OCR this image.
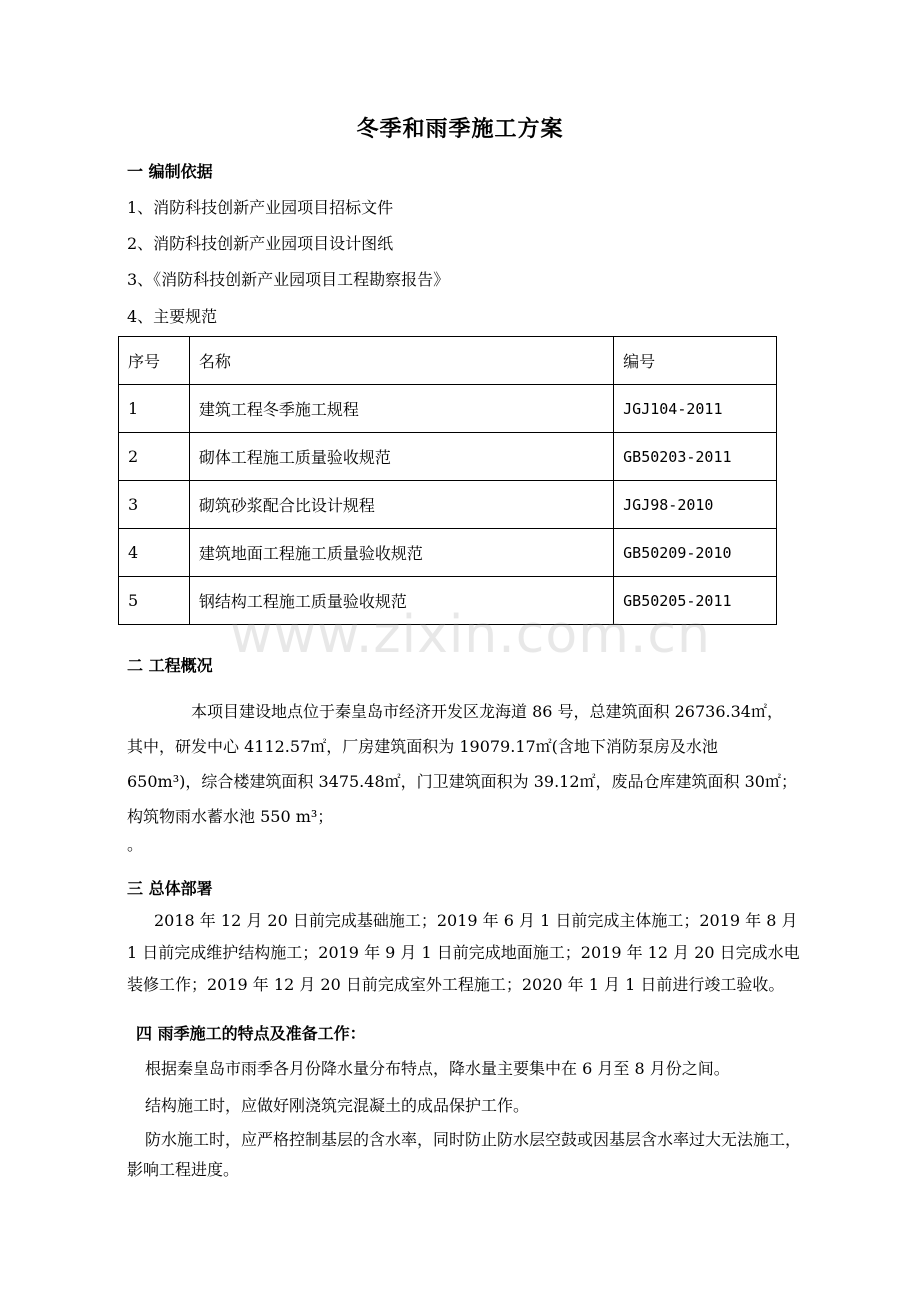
冬季和雨季施工方案
一 编制依据
1、消防科技创新产业园项目招标文件
2、消防科技创新产业园项目设计图纸
3、《消防科技创新产业园项目工程勘察报告》
4、主要规范
序号	名称	编号
1	建筑工程冬季施工规程	JGJ104-2011
2	砌体工程施工质量验收规范	GB50203-2011
3	砌筑砂浆配合比设计规程	JGJ98-2010
4	建筑地面工程施工质量验收规范	GB50209-2010
5	钢结构工程施工质量验收规范	GB50205-2011
www.zixin.com.cn
二 工程概况
本项目建设地点位于秦皇岛市经济开发区龙海道 86 号，总建筑面积 26736.34㎡，其中，研发中心 4112.57㎡，厂房建筑面积为 19079.17㎡(含地下消防泵房及水池 650m³)，综合楼建筑面积 3475.48㎡，门卫建筑面积为 39.12㎡，废品仓库建筑面积 30㎡；构筑物雨水蓄水池 550 m³；
。
三 总体部署
2018 年 12 月 20 日前完成基础施工；2019 年 6 月 1 日前完成主体施工；2019 年 8 月 1 日前完成维护结构施工；2019 年 9 月 1 日前完成地面施工；2019 年 12 月 20 日完成水电装修工作；2019 年 12 月 20 日前完成室外工程施工；2020 年 1 月 1 日前进行竣工验收。
四 雨季施工的特点及准备工作：
根据秦皇岛市雨季各月份降水量分布特点，降水量主要集中在 6 月至 8 月份之间。
结构施工时，应做好刚浇筑完混凝土的成品保护工作。
防水施工时，应严格控制基层的含水率，同时防止防水层空鼓或因基层含水率过大无法施工，影响工程进度。
